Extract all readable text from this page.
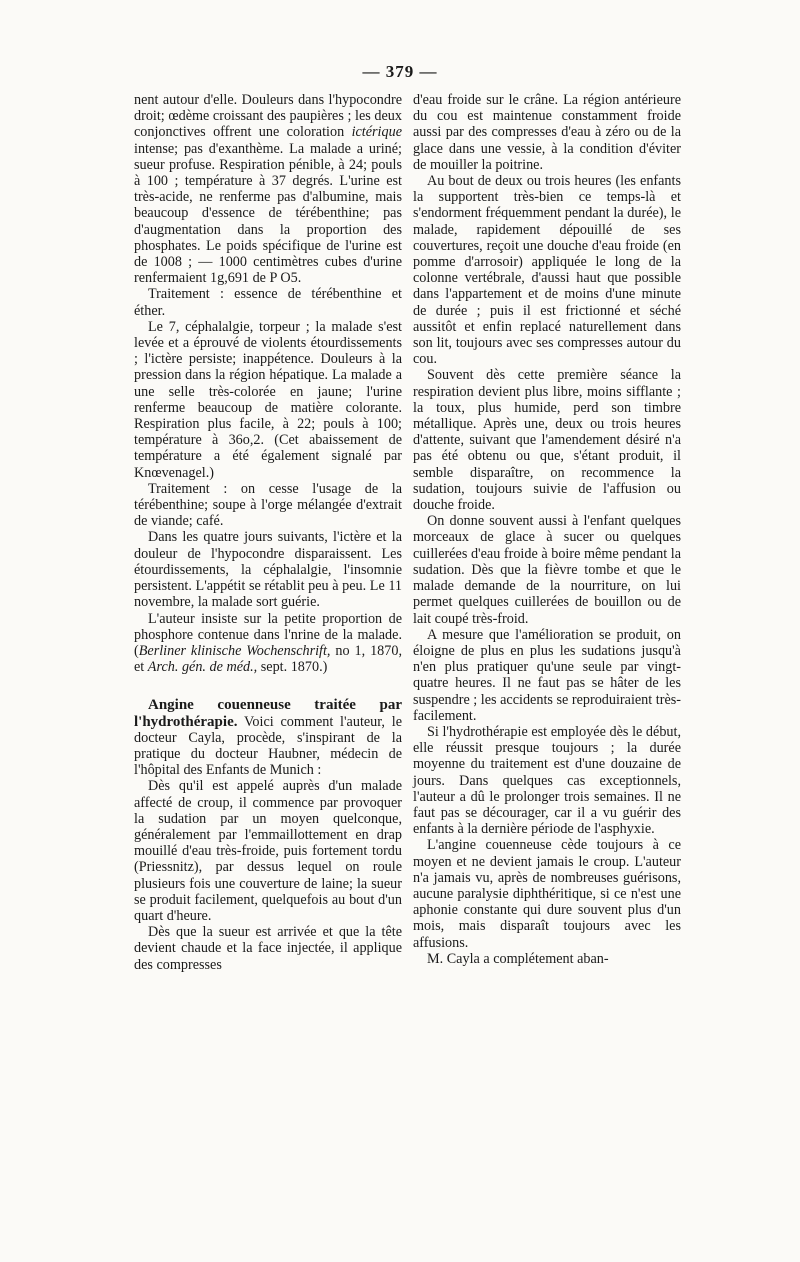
— 379 —

nent autour d'elle. Douleurs dans l'hypocondre droit; œdème croissant des paupières ; les deux conjonctives offrent une coloration ictérique intense; pas d'exanthème. La malade a uriné; sueur profuse. Respiration pénible, à 24; pouls à 100 ; température à 37 degrés. L'urine est très-acide, ne renferme pas d'albumine, mais beaucoup d'essence de térébenthine; pas d'augmentation dans la proportion des phosphates. Le poids spécifique de l'urine est de 1008 ; — 1000 centimètres cubes d'urine renfermaient 1g,691 de P O5.

Traitement : essence de térébenthine et éther.

Le 7, céphalalgie, torpeur ; la malade s'est levée et a éprouvé de violents étourdissements ; l'ictère persiste; inappétence. Douleurs à la pression dans la région hépatique. La malade a une selle très-colorée en jaune; l'urine renferme beaucoup de matière colorante. Respiration plus facile, à 22; pouls à 100; température à 36o,2. (Cet abaissement de température a été également signalé par Knœvenagel.)

Traitement : on cesse l'usage de la térébenthine; soupe à l'orge mélangée d'extrait de viande; café.

Dans les quatre jours suivants, l'ictère et la douleur de l'hypocondre disparaissent. Les étourdissements, la céphalalgie, l'insomnie persistent. L'appétit se rétablit peu à peu. Le 11 novembre, la malade sort guérie.

L'auteur insiste sur la petite proportion de phosphore contenue dans l'nrine de la malade. (Berliner klinische Wochenschrift, no 1, 1870, et Arch. gén. de méd., sept. 1870.)

Angine couenneuse traitée par l'hydrothérapie. Voici comment l'auteur, le docteur Cayla, procède, s'inspirant de la pratique du docteur Haubner, médecin de l'hôpital des Enfants de Munich :

Dès qu'il est appelé auprès d'un malade affecté de croup, il commence par provoquer la sudation par un moyen quelconque, généralement par l'emmaillottement en drap mouillé d'eau très-froide, puis fortement tordu (Priessnitz), par dessus lequel on roule plusieurs fois une couverture de laine; la sueur se produit facilement, quelquefois au bout d'un quart d'heure.

Dès que la sueur est arrivée et que la tête devient chaude et la face injectée, il applique des compresses

d'eau froide sur le crâne. La région antérieure du cou est maintenue constamment froide aussi par des compresses d'eau à zéro ou de la glace dans une vessie, à la condition d'éviter de mouiller la poitrine.

Au bout de deux ou trois heures (les enfants la supportent très-bien ce temps-là et s'endorment fréquemment pendant la durée), le malade, rapidement dépouillé de ses couvertures, reçoit une douche d'eau froide (en pomme d'arrosoir) appliquée le long de la colonne vertébrale, d'aussi haut que possible dans l'appartement et de moins d'une minute de durée ; puis il est frictionné et séché aussitôt et enfin replacé naturellement dans son lit, toujours avec ses compresses autour du cou.

Souvent dès cette première séance la respiration devient plus libre, moins sifflante ; la toux, plus humide, perd son timbre métallique. Après une, deux ou trois heures d'attente, suivant que l'amendement désiré n'a pas été obtenu ou que, s'étant produit, il semble disparaître, on recommence la sudation, toujours suivie de l'affusion ou douche froide.

On donne souvent aussi à l'enfant quelques morceaux de glace à sucer ou quelques cuillerées d'eau froide à boire même pendant la sudation. Dès que la fièvre tombe et que le malade demande de la nourriture, on lui permet quelques cuillerées de bouillon ou de lait coupé très-froid.

A mesure que l'amélioration se produit, on éloigne de plus en plus les sudations jusqu'à n'en plus pratiquer qu'une seule par vingt-quatre heures. Il ne faut pas se hâter de les suspendre ; les accidents se reproduiraient très-facilement.

Si l'hydrothérapie est employée dès le début, elle réussit presque toujours ; la durée moyenne du traitement est d'une douzaine de jours. Dans quelques cas exceptionnels, l'auteur a dû le prolonger trois semaines. Il ne faut pas se décourager, car il a vu guérir des enfants à la dernière période de l'asphyxie.

L'angine couenneuse cède toujours à ce moyen et ne devient jamais le croup. L'auteur n'a jamais vu, après de nombreuses guérisons, aucune paralysie diphthéritique, si ce n'est une aphonie constante qui dure souvent plus d'un mois, mais disparaît toujours avec les affusions.

M. Cayla a complétement aban-
